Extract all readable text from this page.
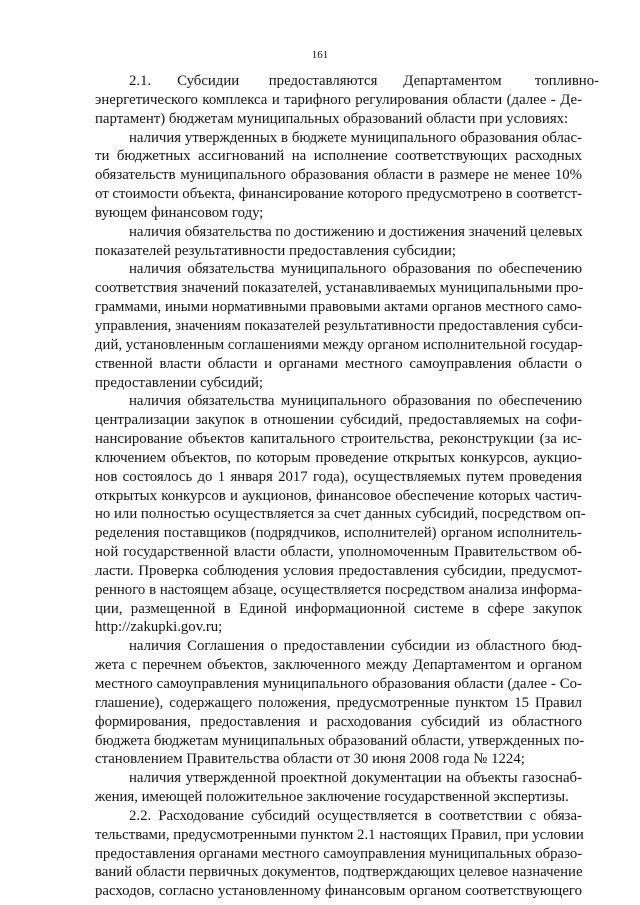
161
2.1.       Субсидии        предоставляются       Департаментом         топливно-
энергетического комплекса и тарифного регулирования области (далее - Де-
партамент) бюджетам муниципальных образований области при условиях:
наличия утвержденных в бюджете муниципального образования облас-
ти бюджетных ассигнований на исполнение соответствующих расходных
обязательств муниципального образования области в размере не менее 10%
от стоимости объекта, финансирование которого предусмотрено в соответст-
вующем финансовом году;
наличия обязательства по достижению и достижения значений целевых
показателей результативности предоставления субсидии;
наличия обязательства муниципального образования по обеспечению
соответствия значений показателей, устанавливаемых муниципальными про-
граммами, иными нормативными правовыми актами органов местного само-
управления, значениям показателей результативности предоставления субси-
дий, установленным соглашениями между органом исполнительной государ-
ственной власти области и органами местного самоуправления области о
предоставлении субсидий;
наличия обязательства муниципального образования по обеспечению
централизации закупок в отношении субсидий, предоставляемых на софи-
нансирование объектов капитального строительства, реконструкции (за ис-
ключением объектов, по которым проведение открытых конкурсов, аукцио-
нов состоялось до 1 января 2017 года), осуществляемых путем проведения
открытых конкурсов и аукционов, финансовое обеспечение которых частич-
но или полностью осуществляется за счет данных субсидий, посредством оп-
ределения поставщиков (подрядчиков, исполнителей) органом исполнитель-
ной государственной власти области, уполномоченным Правительством об-
ласти. Проверка соблюдения условия предоставления субсидии, предусмот-
ренного в настоящем абзаце, осуществляется посредством анализа информа-
ции, размещенной в Единой информационной системе в сфере закупок
http://zakupki.gov.ru;
наличия Соглашения о предоставлении субсидии из областного бюд-
жета с перечнем объектов, заключенного между Департаментом и органом
местного самоуправления муниципального образования области (далее - Со-
глашение), содержащего положения, предусмотренные пунктом 15 Правил
формирования, предоставления и расходования субсидий из областного
бюджета бюджетам муниципальных образований области, утвержденных по-
становлением Правительства области от 30 июня 2008 года № 1224;
наличия утвержденной проектной документации на объекты газоснаб-
жения, имеющей положительное заключение государственной экспертизы.
2.2. Расходование субсидий осуществляется в соответствии с обяза-
тельствами, предусмотренными пунктом 2.1 настоящих Правил, при условии
предоставления органами местного самоуправления муниципальных образо-
ваний области первичных документов, подтверждающих целевое назначение
расходов, согласно установленному финансовым органом соответствующего
